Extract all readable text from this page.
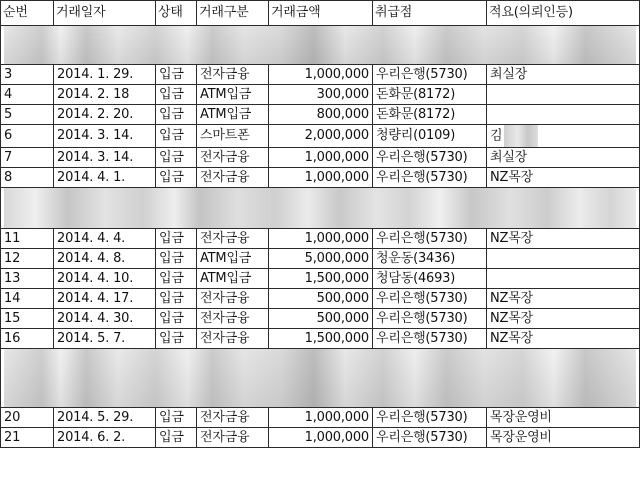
순번	거래일자	상태	거래구분	거래금액	취급점	적요(의뢰인등)

3	2014. 1. 29.	입금	전자금융	1,000,000	우리은행(5730)	최실장
4	2014. 2. 18	입금	ATM입금	300,000	돈화문(8172)	
5	2014. 2. 20.	입금	ATM입금	800,000	돈화문(8172)	
6	2014. 3. 14.	입금	스마트폰	2,000,000	청량리(0109)	김
7	2014. 3. 14.	입금	전자금융	1,000,000	우리은행(5730)	최실장
8	2014. 4. 1.	입금	전자금융	1,000,000	우리은행(5730)	NZ목장

11	2014. 4. 4.	입금	전자금융	1,000,000	우리은행(5730)	NZ목장
12	2014. 4. 8.	입금	ATM입금	5,000,000	청운동(3436)	
13	2014. 4. 10.	입금	ATM입금	1,500,000	청담동(4693)	
14	2014. 4. 17.	입금	전자금융	500,000	우리은행(5730)	NZ목장
15	2014. 4. 30.	입금	전자금융	500,000	우리은행(5730)	NZ목장
16	2014. 5. 7.	입금	전자금융	1,500,000	우리은행(5730)	NZ목장

20	2014. 5. 29.	입금	전자금융	1,000,000	우리은행(5730)	목장운영비
21	2014. 6. 2.	입금	전자금융	1,000,000	우리은행(5730)	목장운영비
